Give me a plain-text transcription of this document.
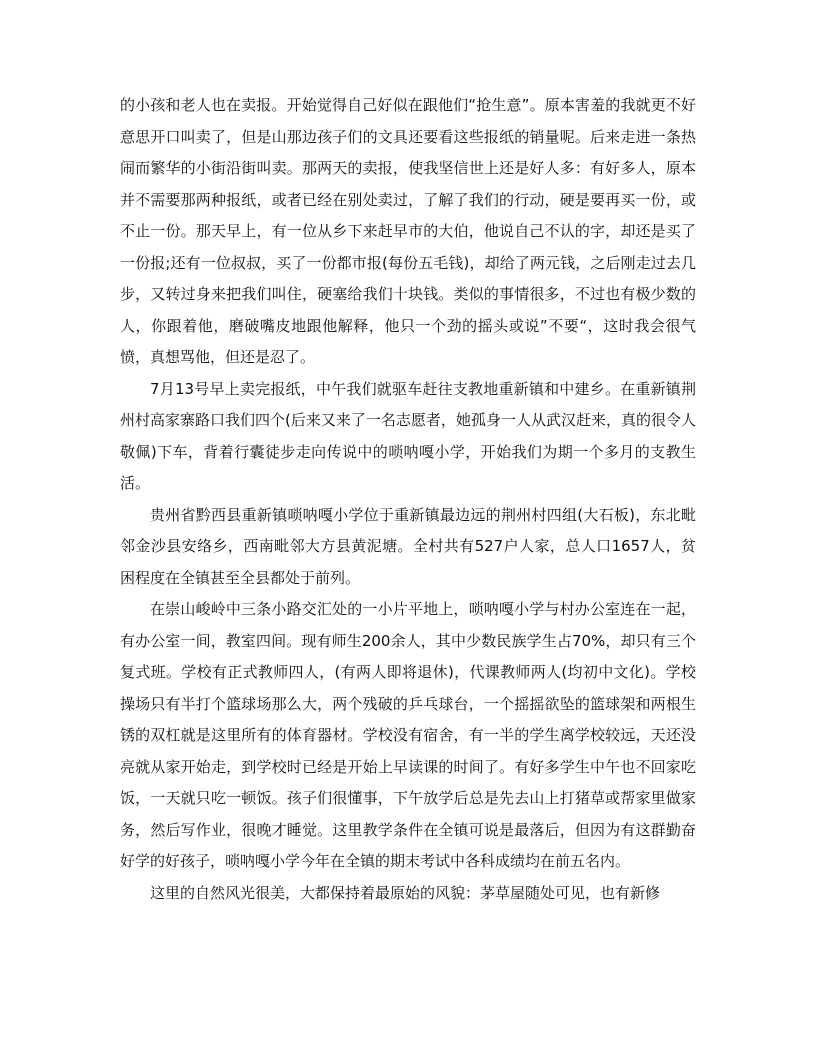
的小孩和老人也在卖报。开始觉得自己好似在跟他们“抢生意”。原本害羞的我就更不好意思开口叫卖了，但是山那边孩子们的文具还要看这些报纸的销量呢。后来走进一条热闹而繁华的小街沿街叫卖。那两天的卖报，使我坚信世上还是好人多：有好多人，原本并不需要那两种报纸，或者已经在别处卖过，了解了我们的行动，硬是要再买一份，或不止一份。那天早上，有一位从乡下来赶早市的大伯，他说自己不认的字，却还是买了一份报;还有一位叔叔，买了一份都市报(每份五毛钱)，却给了两元钱，之后刚走过去几步，又转过身来把我们叫住，硬塞给我们十块钱。类似的事情很多，不过也有极少数的人，你跟着他，磨破嘴皮地跟他解释，他只一个劲的摇头或说”不要“，这时我会很气愤，真想骂他，但还是忍了。

7月13号早上卖完报纸，中午我们就驱车赶往支教地重新镇和中建乡。在重新镇荆州村高家寨路口我们四个(后来又来了一名志愿者，她孤身一人从武汉赶来，真的很令人敬佩)下车，背着行囊徒步走向传说中的唢呐嘎小学，开始我们为期一个多月的支教生活。

贵州省黔西县重新镇唢呐嘎小学位于重新镇最边远的荆州村四组(大石板)，东北毗邻金沙县安络乡，西南毗邻大方县黄泥塘。全村共有527户人家，总人口1657人，贫困程度在全镇甚至全县都处于前列。

在崇山峻岭中三条小路交汇处的一小片平地上，唢呐嘎小学与村办公室连在一起，有办公室一间，教室四间。现有师生200余人，其中少数民族学生占70%，却只有三个复式班。学校有正式教师四人，(有两人即将退休)，代课教师两人(均初中文化)。学校操场只有半打个篮球场那么大，两个残破的乒乓球台，一个摇摇欲坠的篮球架和两根生锈的双杠就是这里所有的体育器材。学校没有宿舍，有一半的学生离学校较远，天还没亮就从家开始走，到学校时已经是开始上早读课的时间了。有好多学生中午也不回家吃饭，一天就只吃一顿饭。孩子们很懂事，下午放学后总是先去山上打猪草或帮家里做家务，然后写作业，很晚才睡觉。这里教学条件在全镇可说是最落后，但因为有这群勤奋好学的好孩子，唢呐嘎小学今年在全镇的期末考试中各科成绩均在前五名内。

这里的自然风光很美，大都保持着最原始的风貌：茅草屋随处可见，也有新修
